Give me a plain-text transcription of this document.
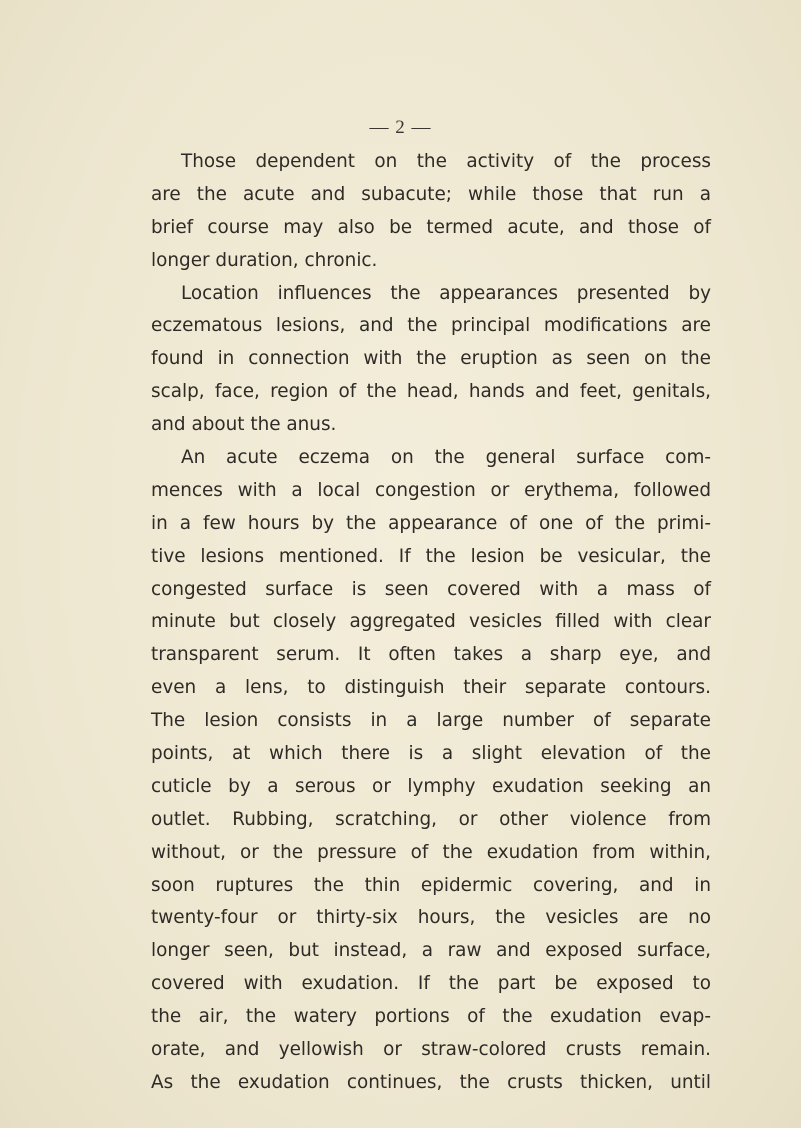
— 2 —
Those dependent on the activity of the process
are the acute and subacute; while those that run a
brief course may also be termed acute, and those of
longer duration, chronic.
Location influences the appearances presented by
eczematous lesions, and the principal modifications are
found in connection with the eruption as seen on the
scalp, face, region of the head, hands and feet, genitals,
and about the anus.
An acute eczema on the general surface com-
mences with a local congestion or erythema, followed
in a few hours by the appearance of one of the primi-
tive lesions mentioned. If the lesion be vesicular, the
congested surface is seen covered with a mass of
minute but closely aggregated vesicles filled with clear
transparent serum. It often takes a sharp eye, and
even a lens, to distinguish their separate contours.
The lesion consists in a large number of separate
points, at which there is a slight elevation of the
cuticle by a serous or lymphy exudation seeking an
outlet. Rubbing, scratching, or other violence from
without, or the pressure of the exudation from within,
soon ruptures the thin epidermic covering, and in
twenty-four or thirty-six hours, the vesicles are no
longer seen, but instead, a raw and exposed surface,
covered with exudation. If the part be exposed to
the air, the watery portions of the exudation evap-
orate, and yellowish or straw-colored crusts remain.
As the exudation continues, the crusts thicken, until
